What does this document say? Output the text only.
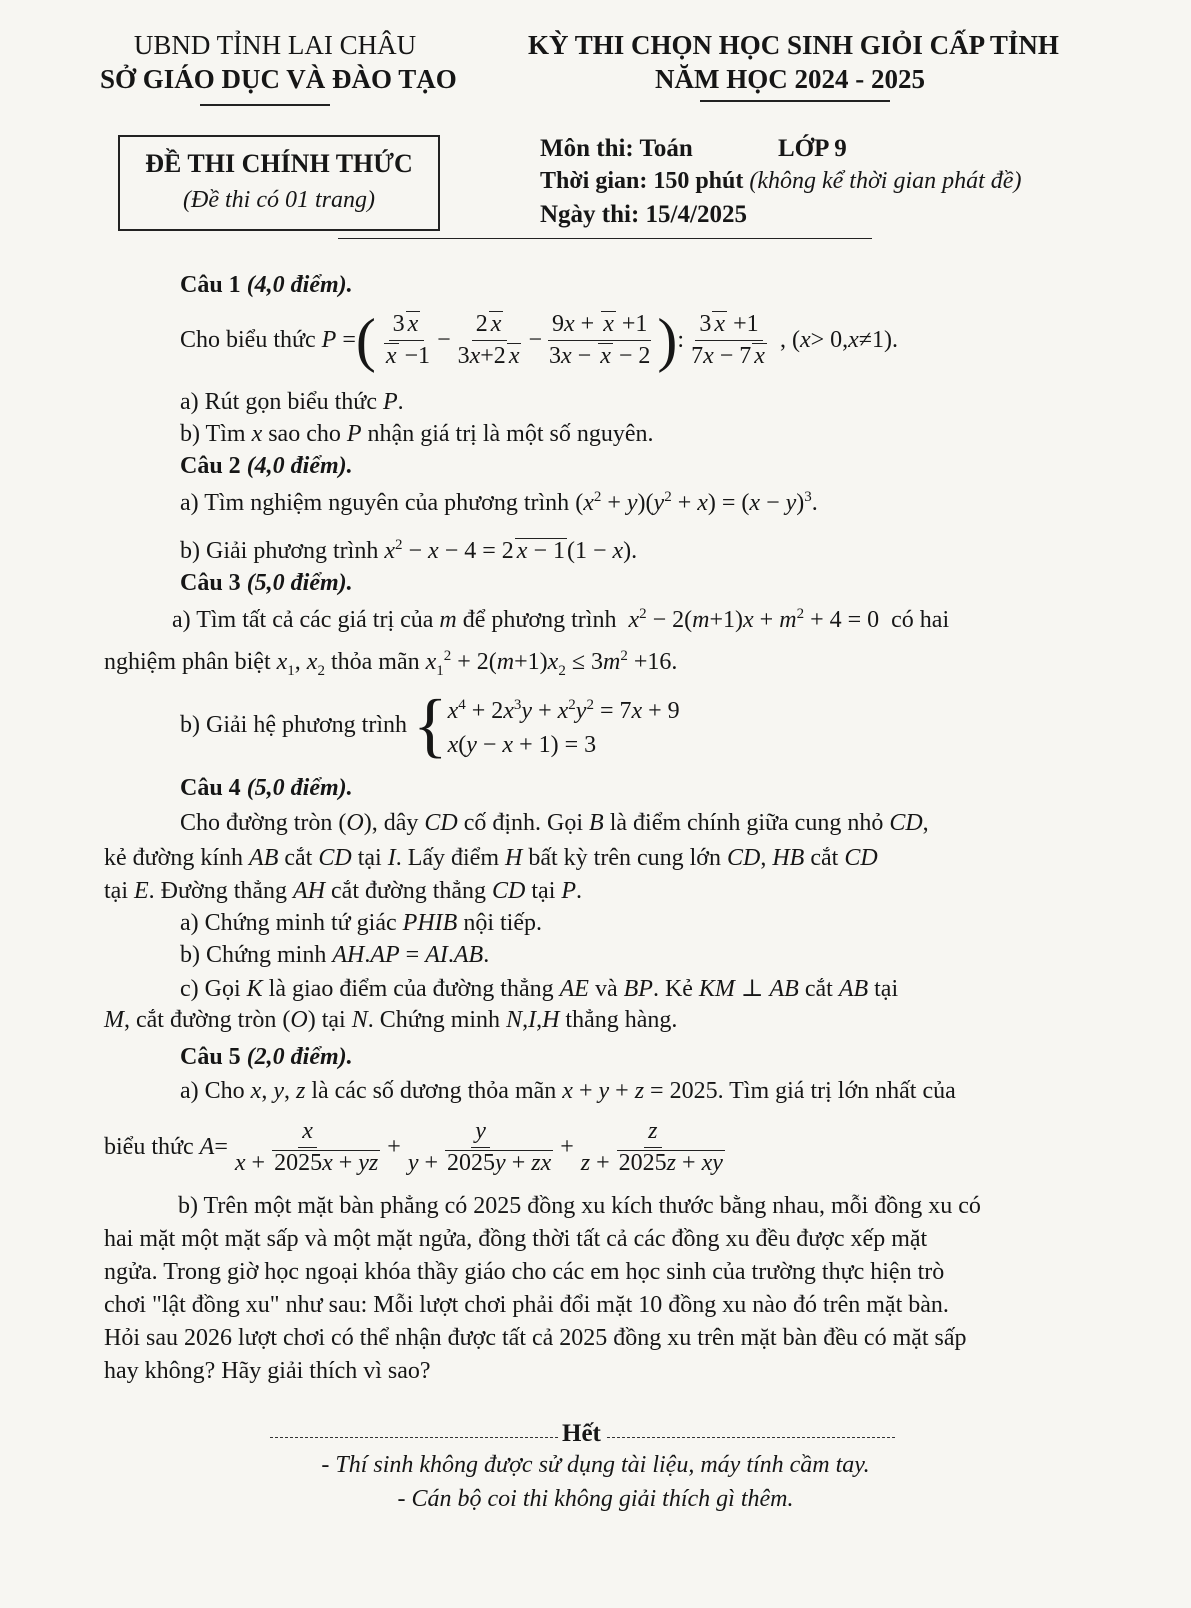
UBND TỈNH LAI CHÂU
SỞ GIÁO DỤC VÀ ĐÀO TẠO
KỲ THI CHỌN HỌC SINH GIỎI CẤP TỈNH
NĂM HỌC 2024 - 2025
ĐỀ THI CHÍNH THỨC
(Đề thi có 01 trang)
Môn thi: Toán	LỚP 9
Thời gian: 150 phút (không kể thời gian phát đề)
Ngày thi: 15/4/2025
Câu 1 (4,0 điểm).
Cho biểu thức
P = ( $\frac{3 x}{x -1} - \frac{2 x}{3x+2 x} - \frac{9x + x +1}{3x - x - 2}$ ) : $\frac{3 x +1}{7x - 7 x}$ , ( x > 0, x ≠1).
a) Rút gọn biểu thức P.
b) Tìm x sao cho P nhận giá trị là một số nguyên.
Câu 2 (4,0 điểm).
a) Tìm nghiệm nguyên của phương trình $(x^2 + y)(y^2 + x) = (x - y)^3$.
b) Giải phương trình $x^2 - x - 4 = 2$ x − 1(1 − x).
Câu 3 (5,0 điểm).
a) Tìm tất cả các giá trị của m để phương trình $x^2 - 2(m+1)x + m^2 + 4 = 0$  có hai
nghiệm phân biệt $x_1$, $x_2$ thỏa mãn $x_1^2 + 2(m+1)x_2 \le 3m^2 +16$.
b) Giải hệ phương trình
{ $x^4 + 2x^3y + x^2y^2 = 7x + 9$
x(y − x + 1) = 3
Câu 4 (5,0 điểm).
Cho đường tròn (O), dây CD cố định. Gọi B là điểm chính giữa cung nhỏ CD,
kẻ đường kính AB cắt CD tại I. Lấy điểm H bất kỳ trên cung lớn CD, HB cắt CD
tại E. Đường thẳng AH cắt đường thẳng CD tại P.
a) Chứng minh tứ giác PHIB nội tiếp.
b) Chứng minh AH.AP = AI.AB.
c) Gọi K là giao điểm của đường thẳng AE và BP. Kẻ KM ⊥ AB cắt AB tại
M, cắt đường tròn (O) tại N. Chứng minh N,I,H thẳng hàng.
Câu 5 (2,0 điểm).
a) Cho x, y, z là các số dương thỏa mãn x + y + z = 2025. Tìm giá trị lớn nhất của
biểu thức
$A = \frac{x}{x + 2025x + yz} + \frac{y}{y + 2025y + zx} + \frac{z}{z + 2025z + xy}$
b) Trên một mặt bàn phẳng có 2025 đồng xu kích thước bằng nhau, mỗi đồng xu có
hai mặt một mặt sấp và một mặt ngửa, đồng thời tất cả các đồng xu đều được xếp mặt
ngửa. Trong giờ học ngoại khóa thầy giáo cho các em học sinh của trường thực hiện trò
chơi "lật đồng xu" như sau: Mỗi lượt chơi phải đổi mặt 10 đồng xu nào đó trên mặt bàn.
Hỏi sau 2026 lượt chơi có thể nhận được tất cả 2025 đồng xu trên mặt bàn đều có mặt sấp
hay không? Hãy giải thích vì sao?
Hết
- Thí sinh không được sử dụng tài liệu, máy tính cầm tay.
- Cán bộ coi thi không giải thích gì thêm.
